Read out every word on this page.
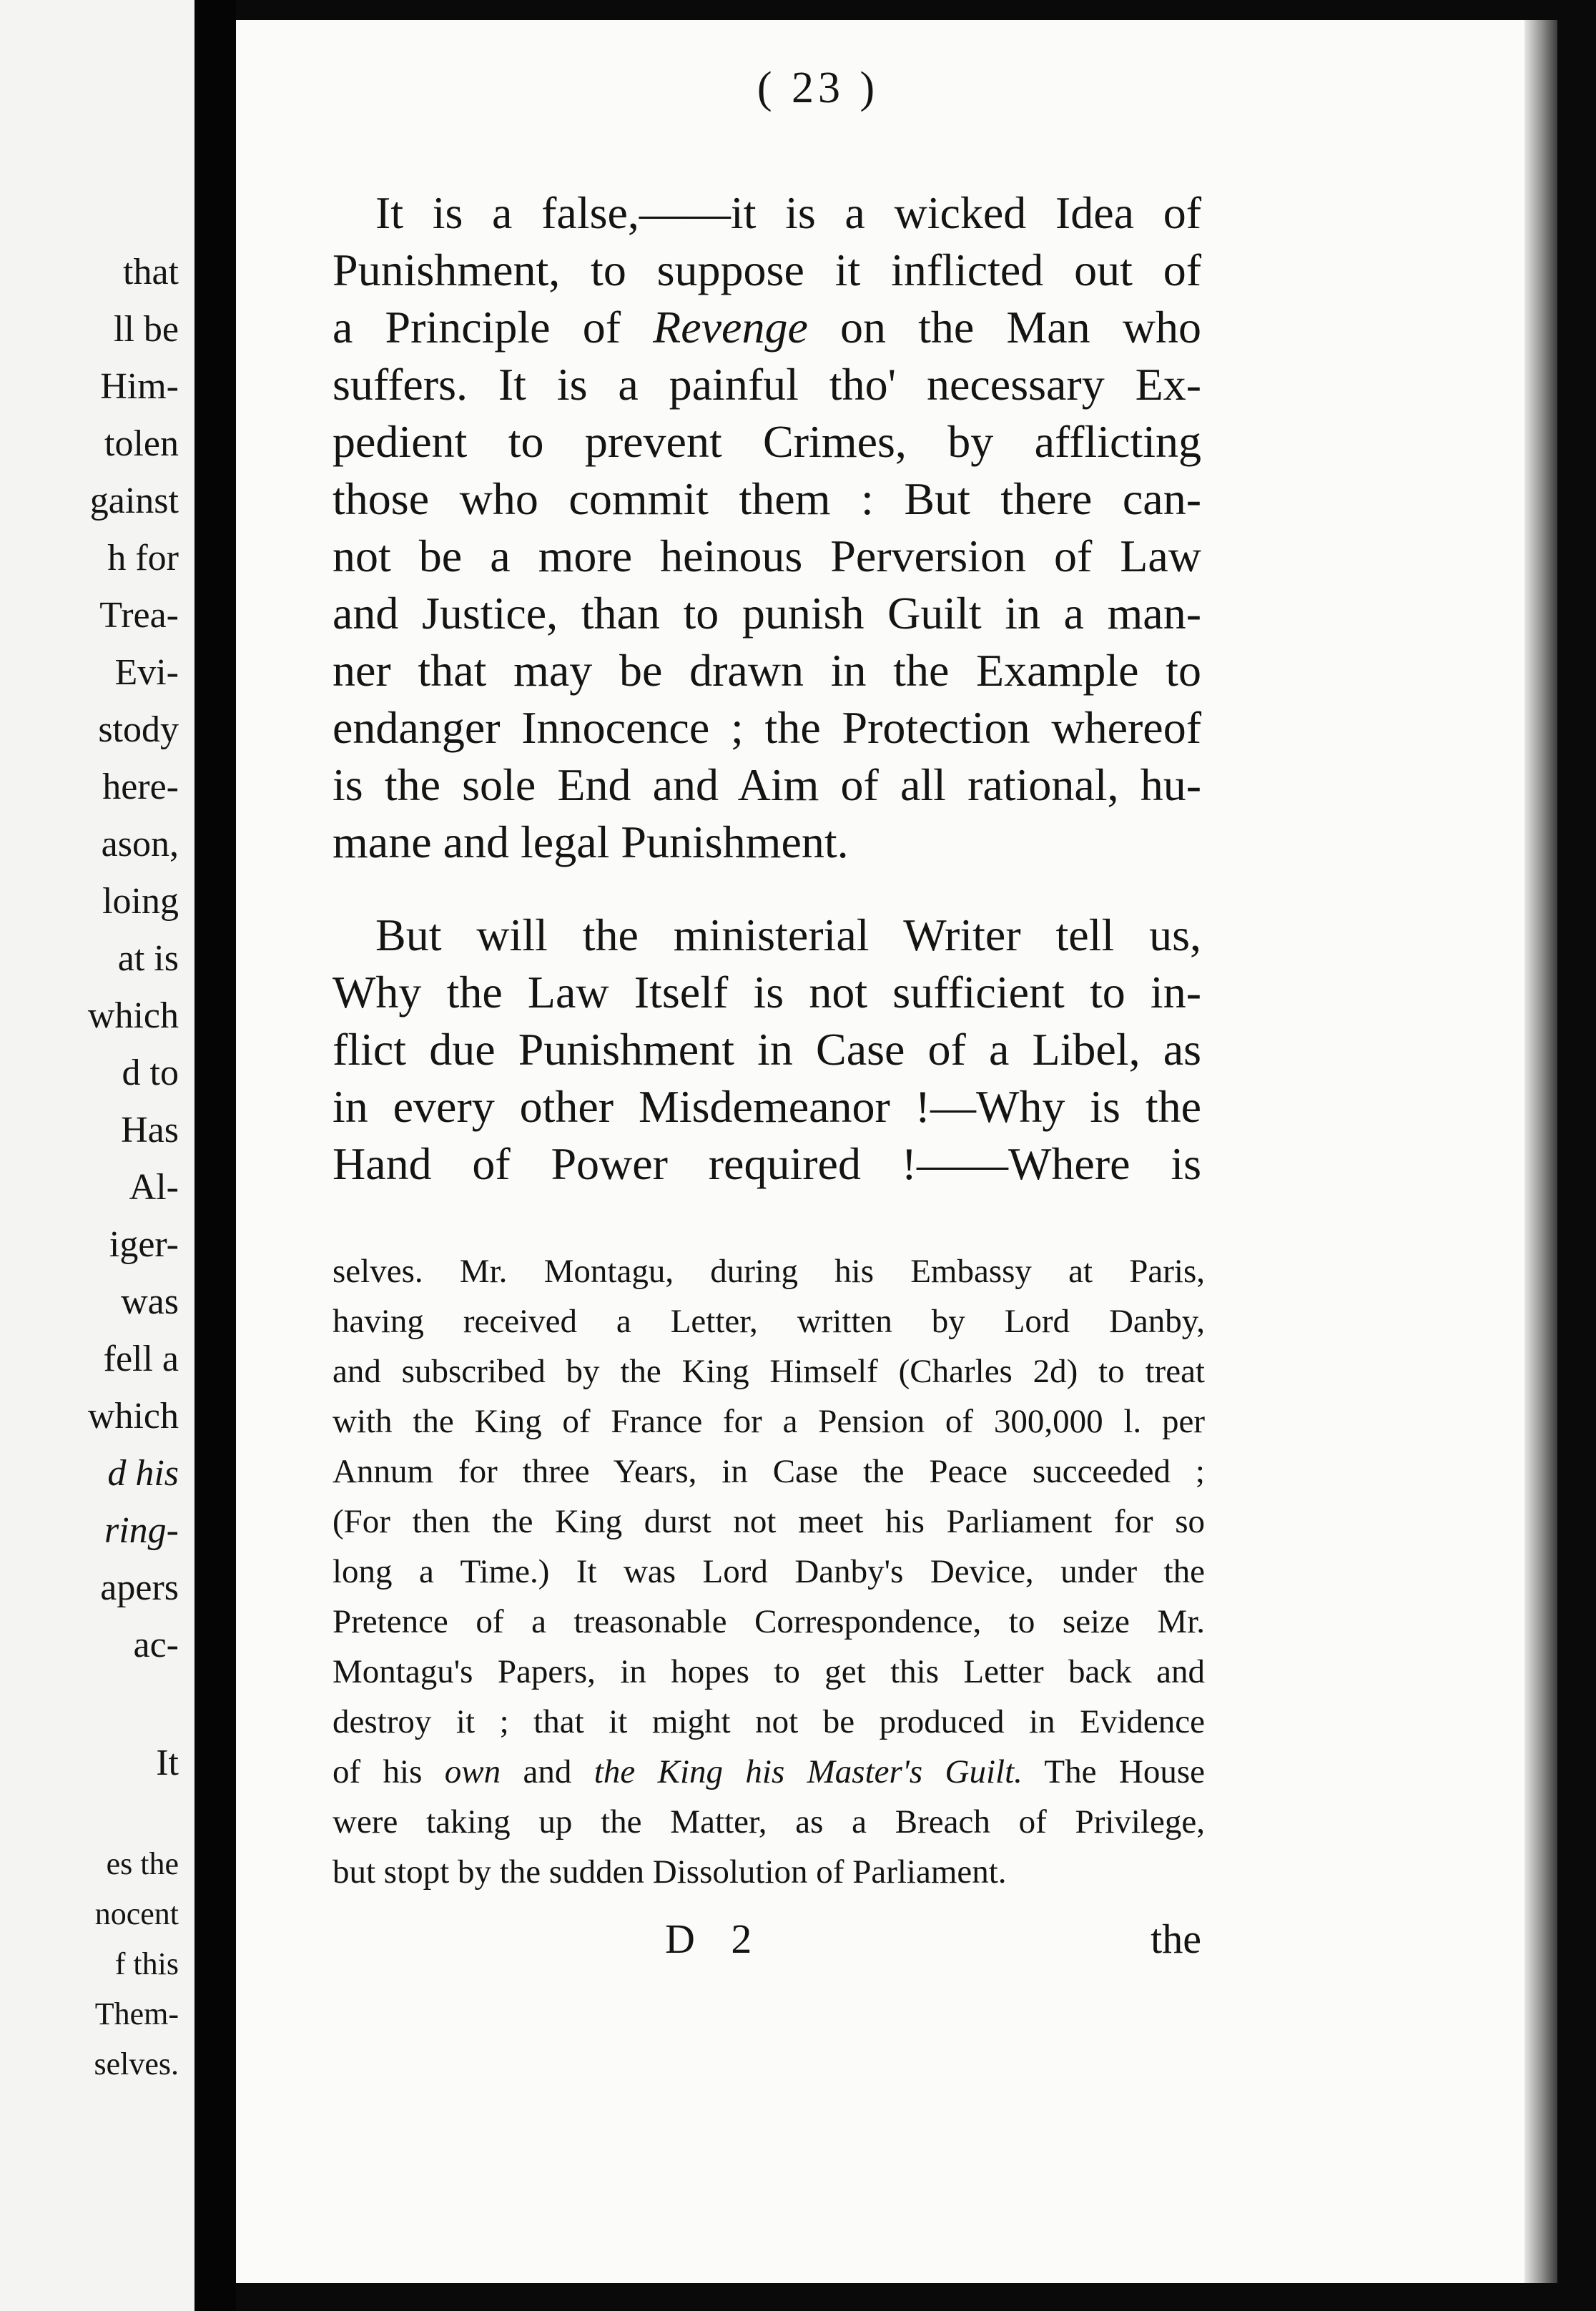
that
ll be
Him-
tolen
gainst
h for
Trea-
Evi-
stody
here-
ason,
loing
at is
which
d to
Has
Al-
iger-
was
fell a
which
d his
ring-
apers
ac-
It
es the
nocent
f this
Them-
selves.
( 23 )

It is a false,——it is a wicked Idea of

Punishment, to suppose it inflicted out of

a Principle of Revenge on the Man who

suffers. It is a painful tho' necessary Ex-

pedient to prevent Crimes, by afflicting

those who commit them : But there can-

not be a more heinous Perversion of Law

and Justice, than to punish Guilt in a man-

ner that may be drawn in the Example to

endanger Innocence ; the Protection whereof

is the sole End and Aim of all rational, hu-

mane and legal Punishment.

But will the ministerial Writer tell us,

Why the Law Itself is not sufficient to in-

flict due Punishment in Case of a Libel, as

in every other Misdemeanor !—Why is the

Hand of Power required !——Where is

selves. Mr. Montagu, during his Embassy at Paris,

having received a Letter, written by Lord Danby,

and subscribed by the King Himself (Charles 2d) to treat

with the King of France for a Pension of 300,000 l. per

Annum for three Years, in Case the Peace succeeded ;

(For then the King durst not meet his Parliament for so

long a Time.) It was Lord Danby's Device, under the

Pretence of a treasonable Correspondence, to seize Mr.

Montagu's Papers, in hopes to get this Letter back and

destroy it ; that it might not be produced in Evidence

of his own and the King his Master's Guilt. The House

were taking up the Matter, as a Breach of Privilege,

but stopt by the sudden Dissolution of Parliament.

D 2	the
